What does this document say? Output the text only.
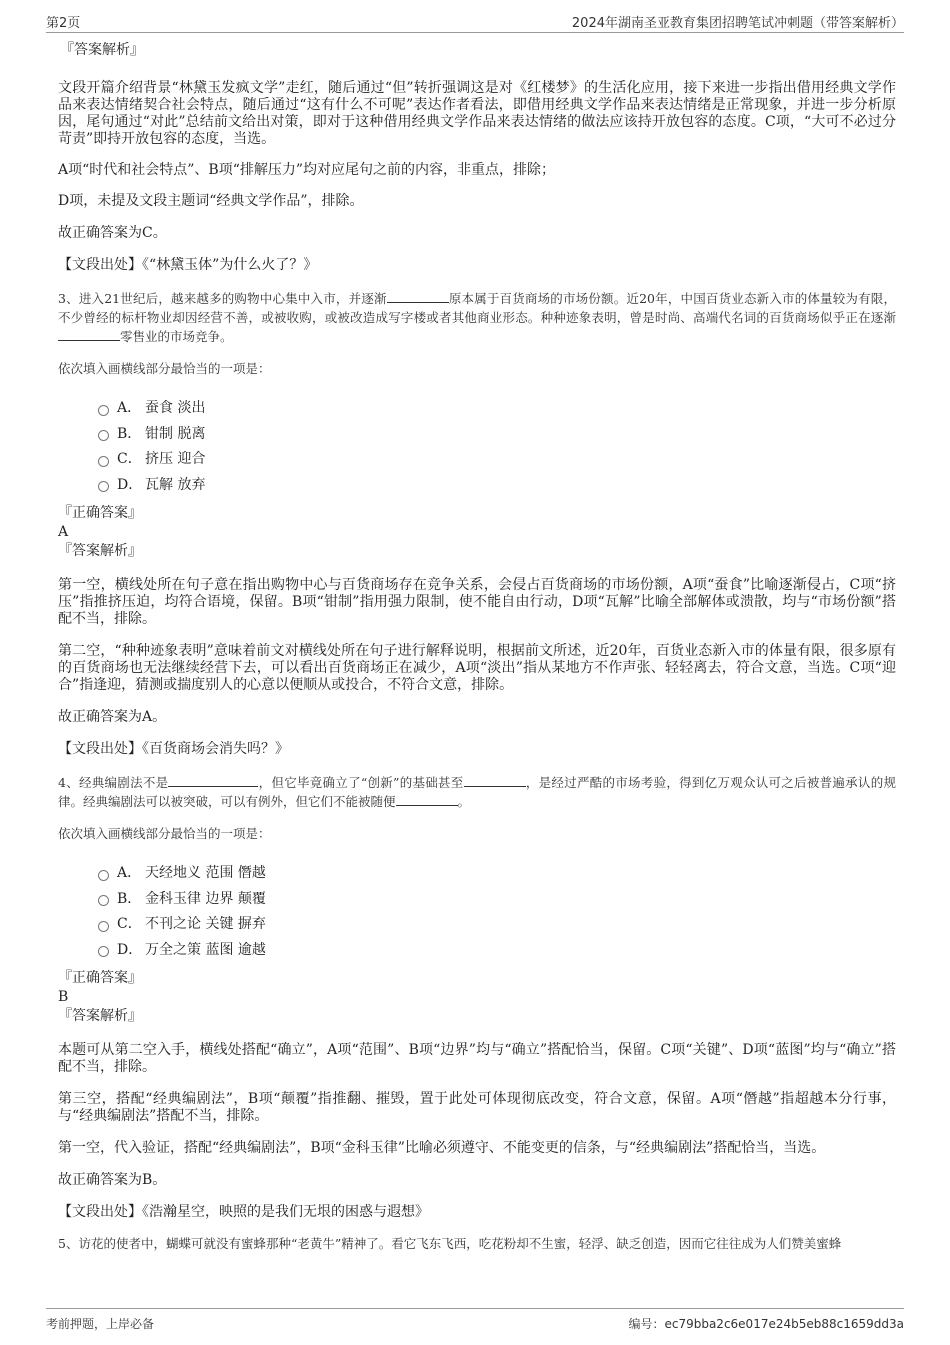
第2页	2024年湖南圣亚教育集团招聘笔试冲刺题（带答案解析）

『答案解析』

文段开篇介绍背景“林黛玉发疯文学”走红，随后通过“但”转折强调这是对《红楼梦》的生活化应用，接下来进一步指出借用经典文学作品来表达情绪契合社会特点，随后通过“这有什么不可呢”表达作者看法，即借用经典文学作品来表达情绪是正常现象，并进一步分析原因，尾句通过“对此”总结前文给出对策，即对于这种借用经典文学作品来表达情绪的做法应该持开放包容的态度。C项，“大可不必过分苛责”即持开放包容的态度，当选。

A项“时代和社会特点”、B项“排解压力”均对应尾句之前的内容，非重点，排除；

D项，未提及文段主题词“经典文学作品”，排除。

故正确答案为C。

【文段出处】《“林黛玉体”为什么火了？》

3、进入21世纪后，越来越多的购物中心集中入市，并逐渐	原本属于百货商场的市场份额。近20年，中国百货业态新入市的体量较为有限，不少曾经的标杆物业却因经营不善，或被收购，或被改造成写字楼或者其他商业形态。种种迹象表明，曾是时尚、高端代名词的百货商场似乎正在逐渐零售业的市场竞争。

依次填入画横线部分最恰当的一项是：

A． 蚕食 淡出
B． 钳制 脱离
C． 挤压 迎合
D． 瓦解 放弃

『正确答案』

A

『答案解析』

第一空，横线处所在句子意在指出购物中心与百货商场存在竞争关系，会侵占百货商场的市场份额，A项“蚕食”比喻逐渐侵占，C项“挤压”指推挤压迫，均符合语境，保留。B项“钳制”指用强力限制，使不能自由行动，D项“瓦解”比喻全部解体或溃散，均与“市场份额”搭配不当，排除。

第二空，“种种迹象表明”意味着前文对横线处所在句子进行解释说明，根据前文所述，近20年，百货业态新入市的体量有限，很多原有的百货商场也无法继续经营下去，可以看出百货商场正在减少，A项“淡出”指从某地方不作声张、轻轻离去，符合文意，当选。C项“迎合”指逢迎，猜测或揣度别人的心意以便顺从或投合，不符合文意，排除。

故正确答案为A。

【文段出处】《百货商场会消失吗？》

4、经典编剧法不是	，但它毕竟确立了“创新”的基础甚至	，是经过严酷的市场考验，得到亿万观众认可之后被普遍承认的规律。经典编剧法可以被突破，可以有例外，但它们不能被随便	。

依次填入画横线部分最恰当的一项是：

A． 天经地义 范围 僭越
B． 金科玉律 边界 颠覆
C． 不刊之论 关键 摒弃
D． 万全之策 蓝图 逾越

『正确答案』

B

『答案解析』

本题可从第二空入手，横线处搭配“确立”，A项“范围”、B项“边界”均与“确立”搭配恰当，保留。C项“关键”、D项“蓝图”均与“确立”搭配不当，排除。

第三空，搭配“经典编剧法”，B项“颠覆”指推翻、摧毁，置于此处可体现彻底改变，符合文意，保留。A项“僭越”指超越本分行事，与“经典编剧法”搭配不当，排除。

第一空，代入验证，搭配“经典编剧法”，B项“金科玉律”比喻必须遵守、不能变更的信条，与“经典编剧法”搭配恰当，当选。

故正确答案为B。

【文段出处】《浩瀚星空，映照的是我们无垠的困惑与遐想》

5、访花的使者中，蝴蝶可就没有蜜蜂那种“老黄牛”精神了。看它飞东飞西，吃花粉却不生蜜，轻浮、缺乏创造，因而它往往成为人们赞美蜜蜂

考前押题，上岸必备	编号：ec79bba2c6e017e24b5eb88c1659dd3a
